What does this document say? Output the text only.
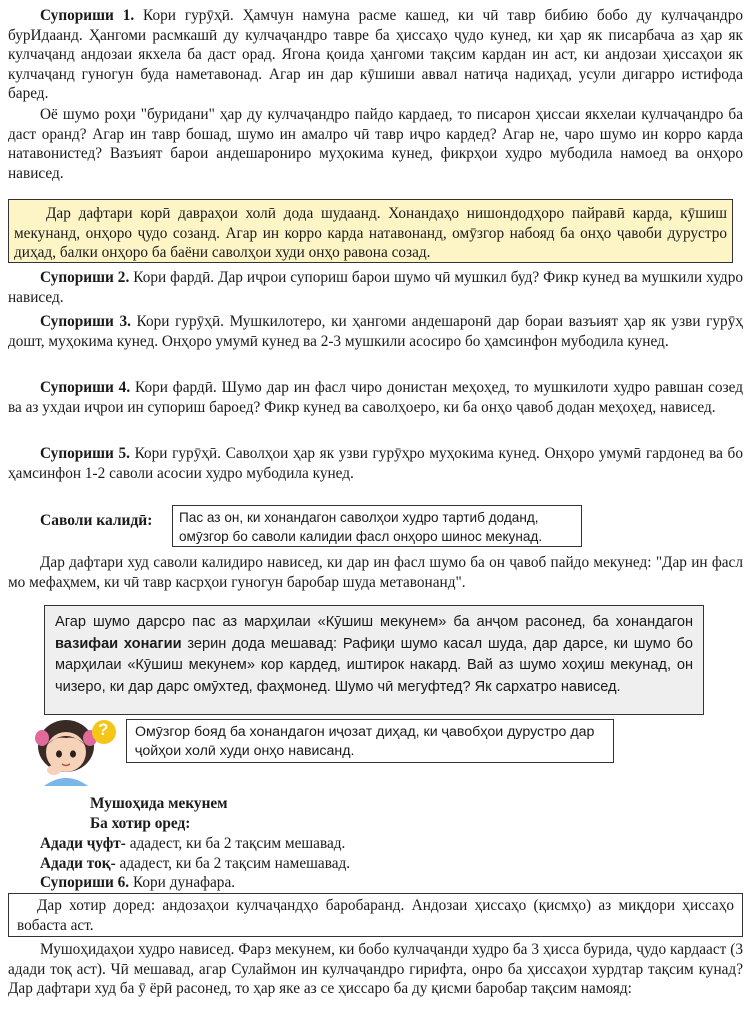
Супориши 1. Кори гурӯҳӣ. Ҳамчун намуна расме кашед, ки чӣ тавр бибию бобо ду кулчаҷандро бурИдаанд. Ҳангоми расмкашӣ ду кулчаҷандро тавре ба ҳиссаҳо ҷудо кунед, ки ҳар як писарбача аз ҳар як кулчаҷанд андозаи якхела ба даст орад. Ягона қоида ҳангоми тақсим кардан ин аст, ки андозаи ҳиссаҳои як кулчаҷанд гуногун буда наметавонад. Агар ин дар кӯшиши аввал натиҷа надиҳад, усули дигарро истифода баред.

Оё шумо роҳи "буридани" ҳар ду кулчаҷандро пайдо кардаед, то писарон ҳиссаи якхелаи кулчаҷандро ба даст оранд? Агар ин тавр бошад, шумо ин амалро чӣ тавр иҷро кардед? Агар не, чаро шумо ин корро карда натавонистед? Вазъият барои андешарониро муҳокима кунед, фикрҳои худро мубодила намоед ва онҳоро нависед.

Дар дафтари корӣ давраҳои холӣ дода шудаанд. Хонандаҳо нишондодҳоро пайравӣ карда, кӯшиш мекунанд, онҳоро ҷудо созанд. Агар ин корро карда натавонанд, омӯзгор набояд ба онҳо ҷавоби дурустро диҳад, балки онҳоро ба баёни саволҳои худи онҳо равона созад.

Супориши 2. Кори фардӣ. Дар иҷрои супориш барои шумо чӣ мушкил буд? Фикр кунед ва мушкили худро нависед.

Супориши 3. Кори гурӯҳӣ. Мушкилотеро, ки ҳангоми андешаронӣ дар бораи вазъият ҳар як узви гурӯҳ дошт, муҳокима кунед. Онҳоро умумӣ кунед ва 2-3 мушкили асосиро бо ҳамсинфон мубодила кунед.

Супориши 4. Кори фардӣ. Шумо дар ин фасл чиро донистан меҳоҳед, то мушкилоти худро равшан созед ва аз ухдаи иҷрои ин супориш бароед? Фикр кунед ва саволҳоеро, ки ба онҳо ҷавоб додан меҳоҳед, нависед.

Супориши 5. Кори гурӯҳӣ. Саволҳои ҳар як узви гурӯҳро муҳокима кунед. Онҳоро умумӣ гардонед ва бо ҳамсинфон 1-2 саволи асосии худро мубодила кунед.

Саволи калидӣ:	Пас аз он, ки хонандагон саволҳои худро тартиб доданд, омӯзгор бо саволи калидии фасл онҳоро шинос мекунад.

Дар дафтари худ саволи калидиро нависед, ки дар ин фасл шумо ба он ҷавоб пайдо мекунед: "Дар ин фасл мо мефаҳмем, ки чӣ тавр касрҳои гуногун баробар шуда метавонанд".

Агар шумо дарсро пас аз марҳилаи «Кӯшиш мекунем» ба анҷом расонед, ба хонандагон вазифаи хонагии зерин дода мешавад: Рафиқи шумо касал шуда, дар дарсе, ки шумо бо марҳилаи «Кӯшиш мекунем» кор кардед, иштирок накард. Вай аз шумо хоҳиш мекунад, он чизеро, ки дар дарс омӯхтед, фаҳмонед. Шумо чӣ мегуфтед? Як сархатро нависед.
?	Омӯзгор бояд ба хонандагон иҷозат диҳад, ки ҷавобҳои дурустро дар ҷойҳои холӣ худи онҳо нависанд.
Мушоҳида мекунем
Ба хотир оред:
Адади ҷуфт- ададест, ки ба 2 тақсим мешавад.
Адади тоқ- ададест, ки ба 2 тақсим намешавад.
Супориши 6. Кори дунафара.
Дар хотир доред: андозаҳои кулчаҷандҳо баробаранд. Андозаи ҳиссаҳо (қисмҳо) аз миқдори ҳиссаҳо вобаста аст.

Мушоҳидаҳои худро нависед. Фарз мекунем, ки бобо кулчаҷанди худро ба 3 ҳисса бурида, ҷудо кардааст (3 адади тоқ аст). Чӣ мешавад, агар Сулаймон ин кулчаҷандро гирифта, онро ба ҳиссаҳои хурдтар тақсим кунад? Дар дафтари худ ба ӯ ёрӣ расонед, то ҳар яке аз се ҳиссаро ба ду қисми баробар тақсим намояд:
